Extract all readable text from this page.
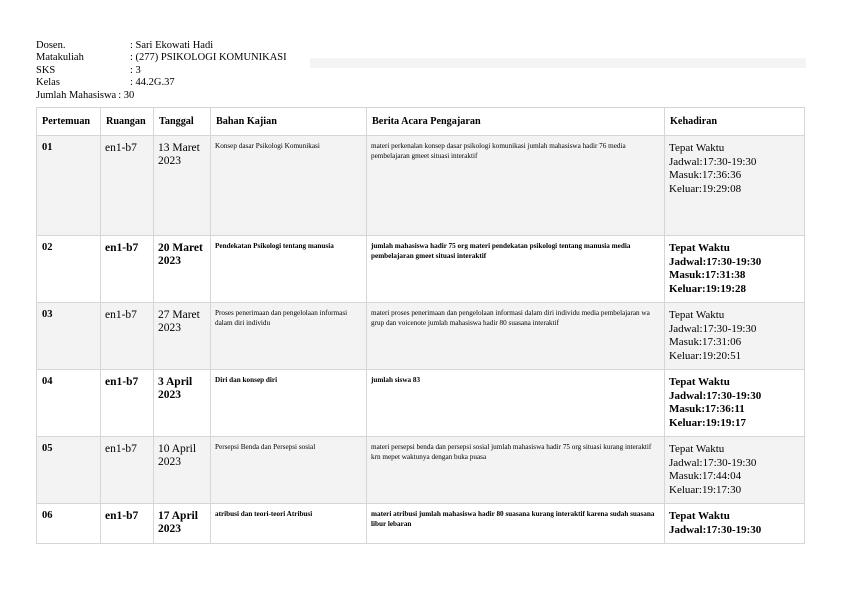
Dosen.	: Sari Ekowati Hadi
Matakuliah	: (277) PSIKOLOGI KOMUNIKASI
SKS	: 3
Kelas	: 44.2G.37
Jumlah Mahasiswa : 30
Pertemuan	Ruangan	Tanggal	Bahan Kajian	Berita Acara Pengajaran	Kehadiran
01	en1-b7	13 Maret 2023	Konsep dasar Psikologi Komunikasi	materi perkenalan konsep dasar psikologi komunikasi jumlah mahasiswa hadir 76 media pembelajaran gmeet situasi interaktif	Tepat Waktu
Jadwal:17:30-19:30
Masuk:17:36:36
Keluar:19:29:08

02	en1-b7	20 Maret 2023	Pendekatan Psikologi tentang manusia	jumlah mahasiswa hadir 75 org materi pendekatan psikologi tentang manusia media pembelajaran gmeet situasi interaktif	Tepat Waktu
Jadwal:17:30-19:30
Masuk:17:31:38
Keluar:19:19:28

03	en1-b7	27 Maret 2023	Proses penerimaan dan pengelolaan informasi dalam diri individu	materi proses penerimaan dan pengelolaan informasi dalam diri individu media pembelajaran wa grup dan voicenote jumlah mahasiswa hadir 80 suasana interaktif	Tepat Waktu
Jadwal:17:30-19:30
Masuk:17:31:06
Keluar:19:20:51

04	en1-b7	3 April 2023	Diri dan konsep diri	jumlah siswa 83	Tepat Waktu
Jadwal:17:30-19:30
Masuk:17:36:11
Keluar:19:19:17

05	en1-b7	10 April 2023	Persepsi Benda dan Persepsi sosial	materi persepsi benda dan persepsi sosial jumlah mahasiswa hadir 75 org situasi kurang interaktif krn mepet waktunya dengan buka puasa	Tepat Waktu
Jadwal:17:30-19:30
Masuk:17:44:04
Keluar:19:17:30

06	en1-b7	17 April 2023	atribusi dan teori-teori Atribusi	materi atribusi jumlah mahasiswa hadir 80 suasana kurang interaktif karena sudah suasana libur lebaran	Tepat Waktu
Jadwal:17:30-19:30
